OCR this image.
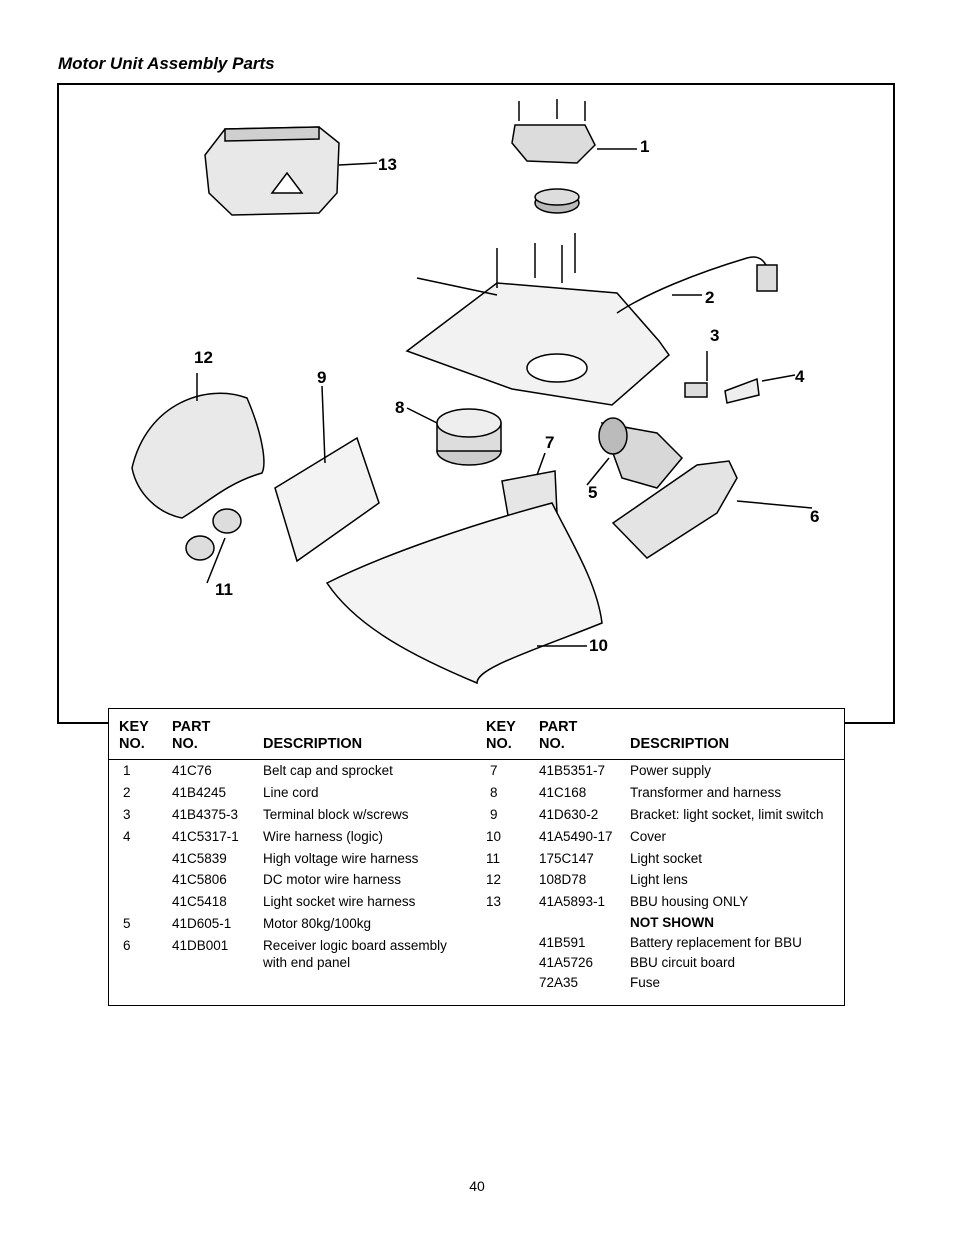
Motor Unit Assembly Parts
1
2
3
4
5
6
7
8
9
10
11
12
13
KEY
NO.
PART
NO.	DESCRIPTION
KEY
NO.
PART
NO.	DESCRIPTION
1	41C76	Belt cap and sprocket
2	41B4245	Line cord
3	41B4375-3 Terminal block w/screws
4	41C5317-1 Wire harness (logic)
41C5839	High voltage wire harness
41C5806	DC motor wire harness
41C5418	Light socket wire harness
5	41D605-1 Motor 80kg/100kg
6	41DB001	Receiver logic board assembly
with end panel
7	41B5351-7 Power supply
8	41C168	Transformer and harness
9	41D630-2 Bracket: light socket, limit switch
10	41A5490-17 Cover
11	175C147	Light socket
12	108D78	Light lens
13	41A5893-1 BBU housing ONLY
NOT SHOWN
41B591	Battery replacement for BBU
41A5726	BBU circuit board
72A35	Fuse
40
